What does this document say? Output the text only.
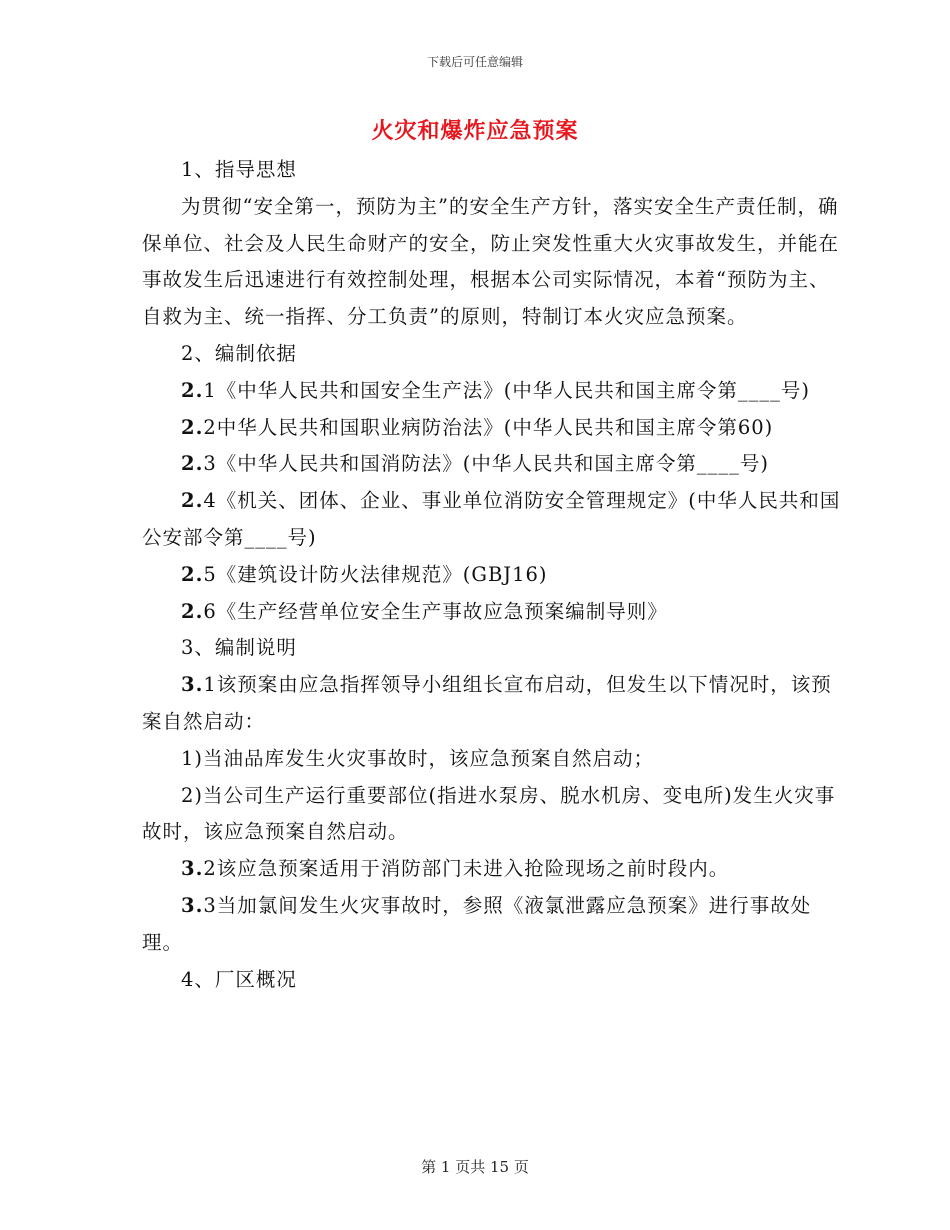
下载后可任意编辑
火灾和爆炸应急预案

1、指导思想

为贯彻“安全第一，预防为主”的安全生产方针，落实安全生产责任制，确保单位、社会及人民生命财产的安全，防止突发性重大火灾事故发生，并能在事故发生后迅速进行有效控制处理，根据本公司实际情况，本着“预防为主、自救为主、统一指挥、分工负责”的原则，特制订本火灾应急预案。

2、编制依据

2.1《中华人民共和国安全生产法》(中华人民共和国主席令第____号)

2.2中华人民共和国职业病防治法》(中华人民共和国主席令第60)

2.3《中华人民共和国消防法》(中华人民共和国主席令第____号)

2.4《机关、团体、企业、事业单位消防安全管理规定》(中华人民共和国公安部令第____号)

2.5《建筑设计防火法律规范》(GBJ16)

2.6《生产经营单位安全生产事故应急预案编制导则》

3、编制说明

3.1该预案由应急指挥领导小组组长宣布启动，但发生以下情况时，该预案自然启动：

1)当油品库发生火灾事故时，该应急预案自然启动；

2)当公司生产运行重要部位(指进水泵房、脱水机房、变电所)发生火灾事故时，该应急预案自然启动。

3.2该应急预案适用于消防部门未进入抢险现场之前时段内。

3.3当加氯间发生火灾事故时，参照《液氯泄露应急预案》进行事故处理。

4、厂区概况

第 1 页共 15 页
